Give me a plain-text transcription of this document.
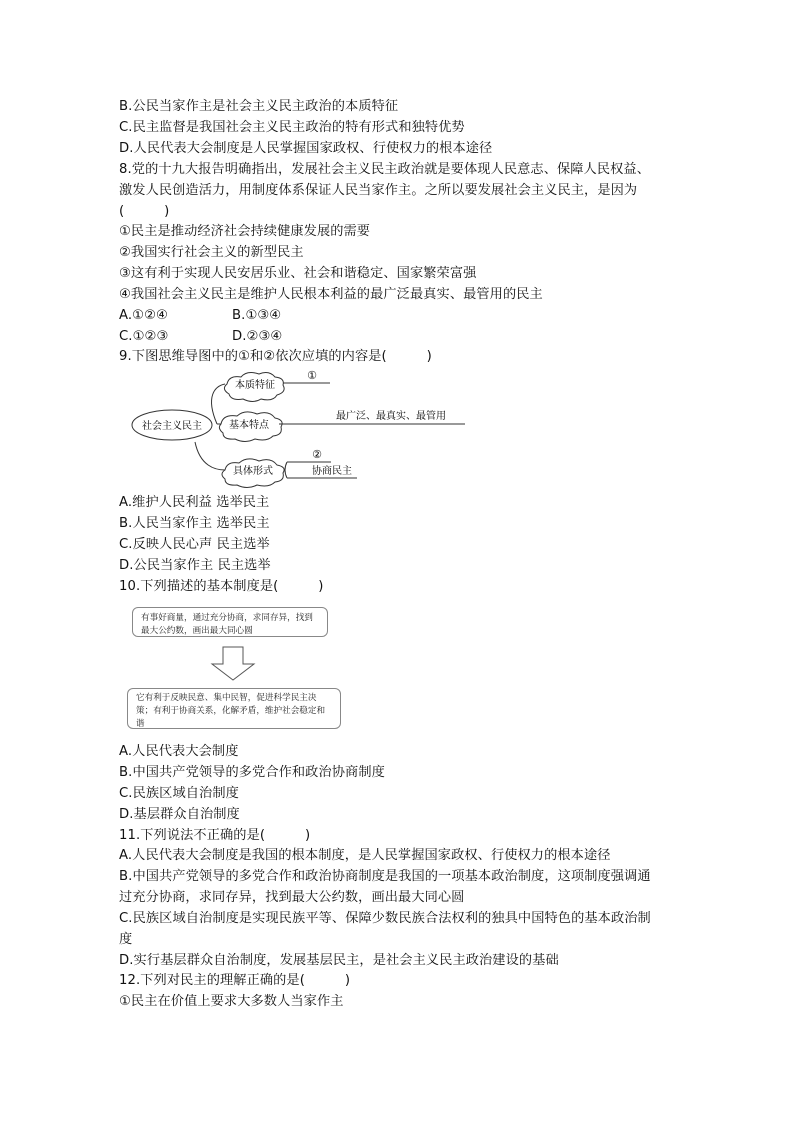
B.公民当家作主是社会主义民主政治的本质特征
C.民主监督是我国社会主义民主政治的特有形式和独特优势
D.人民代表大会制度是人民掌握国家政权、行使权力的根本途径
8.党的十九大报告明确指出，发展社会主义民主政治就是要体现人民意志、保障人民权益、
激发人民创造活力，用制度体系保证人民当家作主。之所以要发展社会主义民主，是因为
(　　　)
①民主是推动经济社会持续健康发展的需要
②我国实行社会主义的新型民主
③这有利于实现人民安居乐业、社会和谐稳定、国家繁荣富强
④我国社会主义民主是维护人民根本利益的最广泛最真实、最管用的民主
A.①②④	B.①③④
C.①②③	D.②③④
9.下图思维导图中的①和②依次应填的内容是(　　　)
社会主义民主
本质特征
基本特点
具体形式
①
最广泛、最真实、最管用
②
协商民主
A.维护人民利益 选举民主
B.人民当家作主 选举民主
C.反映人民心声 民主选举
D.公民当家作主 民主选举
10.下列描述的基本制度是(　　　)
有事好商量，通过充分协商，求同存异，找到最大公约数，画出最大同心圆
它有利于反映民意、集中民智，促进科学民主决策；有利于协商关系，化解矛盾，维护社会稳定和谐
A.人民代表大会制度
B.中国共产党领导的多党合作和政治协商制度
C.民族区域自治制度
D.基层群众自治制度
11.下列说法不正确的是(　　　)
A.人民代表大会制度是我国的根本制度，是人民掌握国家政权、行使权力的根本途径
B.中国共产党领导的多党合作和政治协商制度是我国的一项基本政治制度，这项制度强调通
过充分协商，求同存异，找到最大公约数，画出最大同心圆
C.民族区域自治制度是实现民族平等、保障少数民族合法权利的独具中国特色的基本政治制
度
D.实行基层群众自治制度，发展基层民主，是社会主义民主政治建设的基础
12.下列对民主的理解正确的是(　　　)
①民主在价值上要求大多数人当家作主
